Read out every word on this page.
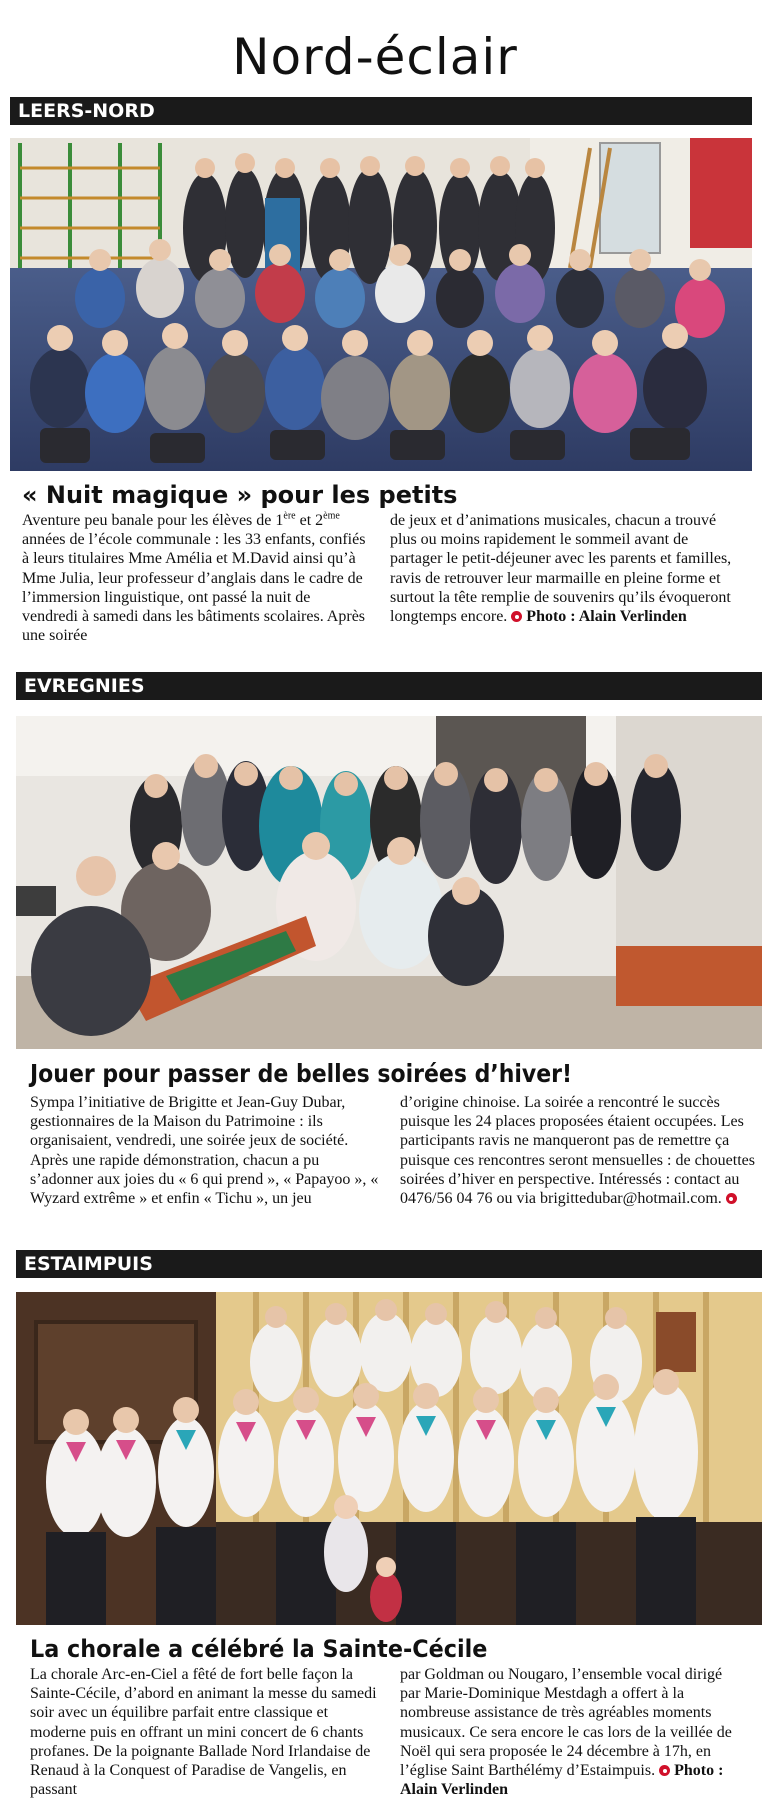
Nord-éclair
LEERS-NORD
« Nuit magique » pour les petits

Aventure peu banale pour les élèves de 1ère et 2ème années de l’école communale : les 33 enfants, confiés à leurs titulaires Mme Amélia et M.David ainsi qu’à Mme Julia, leur professeur d’anglais dans le cadre de l’immersion linguistique, ont passé la nuit de vendredi à samedi dans les bâtiments scolaires. Après une soirée

de jeux et d’animations musicales, chacun a trouvé plus ou moins rapidement le sommeil avant de partager le petit-déjeuner avec les parents et familles, ravis de retrouver leur marmaille en pleine forme et surtout la tête remplie de souvenirs qu’ils évoqueront longtemps encore. Photo : Alain Verlinden

EVREGNIES
Jouer pour passer de belles soirées d’hiver!

Sympa l’initiative de Brigitte et Jean-Guy Dubar, gestionnaires de la Maison du Patrimoine : ils organisaient, vendredi, une soirée jeux de société.

Après une rapide démonstration, chacun a pu s’adonner aux joies du « 6 qui prend », « Papayoo », « Wyzard extrême » et enfin « Tichu », un jeu

d’origine chinoise. La soirée a rencontré le succès puisque les 24 places proposées étaient occupées. Les participants ravis ne manqueront pas de remettre ça puisque ces rencontres seront mensuelles : de chouettes soirées d’hiver en perspective. Intéressés : contact au 0476/56 04 76 ou via brigittedubar@hotmail.com.

ESTAIMPUIS
La chorale a célébré la Sainte-Cécile

La chorale Arc-en-Ciel a fêté de fort belle façon la Sainte-Cécile, d’abord en animant la messe du samedi soir avec un équilibre parfait entre classique et moderne puis en offrant un mini concert de 6 chants profanes. De la poignante Ballade Nord Irlandaise de Renaud à la Conquest of Paradise de Vangelis, en passant

par Goldman ou Nougaro, l’ensemble vocal dirigé par Marie-Dominique Mestdagh a offert à la nombreuse assistance de très agréables moments musicaux. Ce sera encore le cas lors de la veillée de Noël qui sera proposée le 24 décembre à 17h, en l’église Saint Barthélémy d’Estaimpuis. Photo : Alain Verlinden
